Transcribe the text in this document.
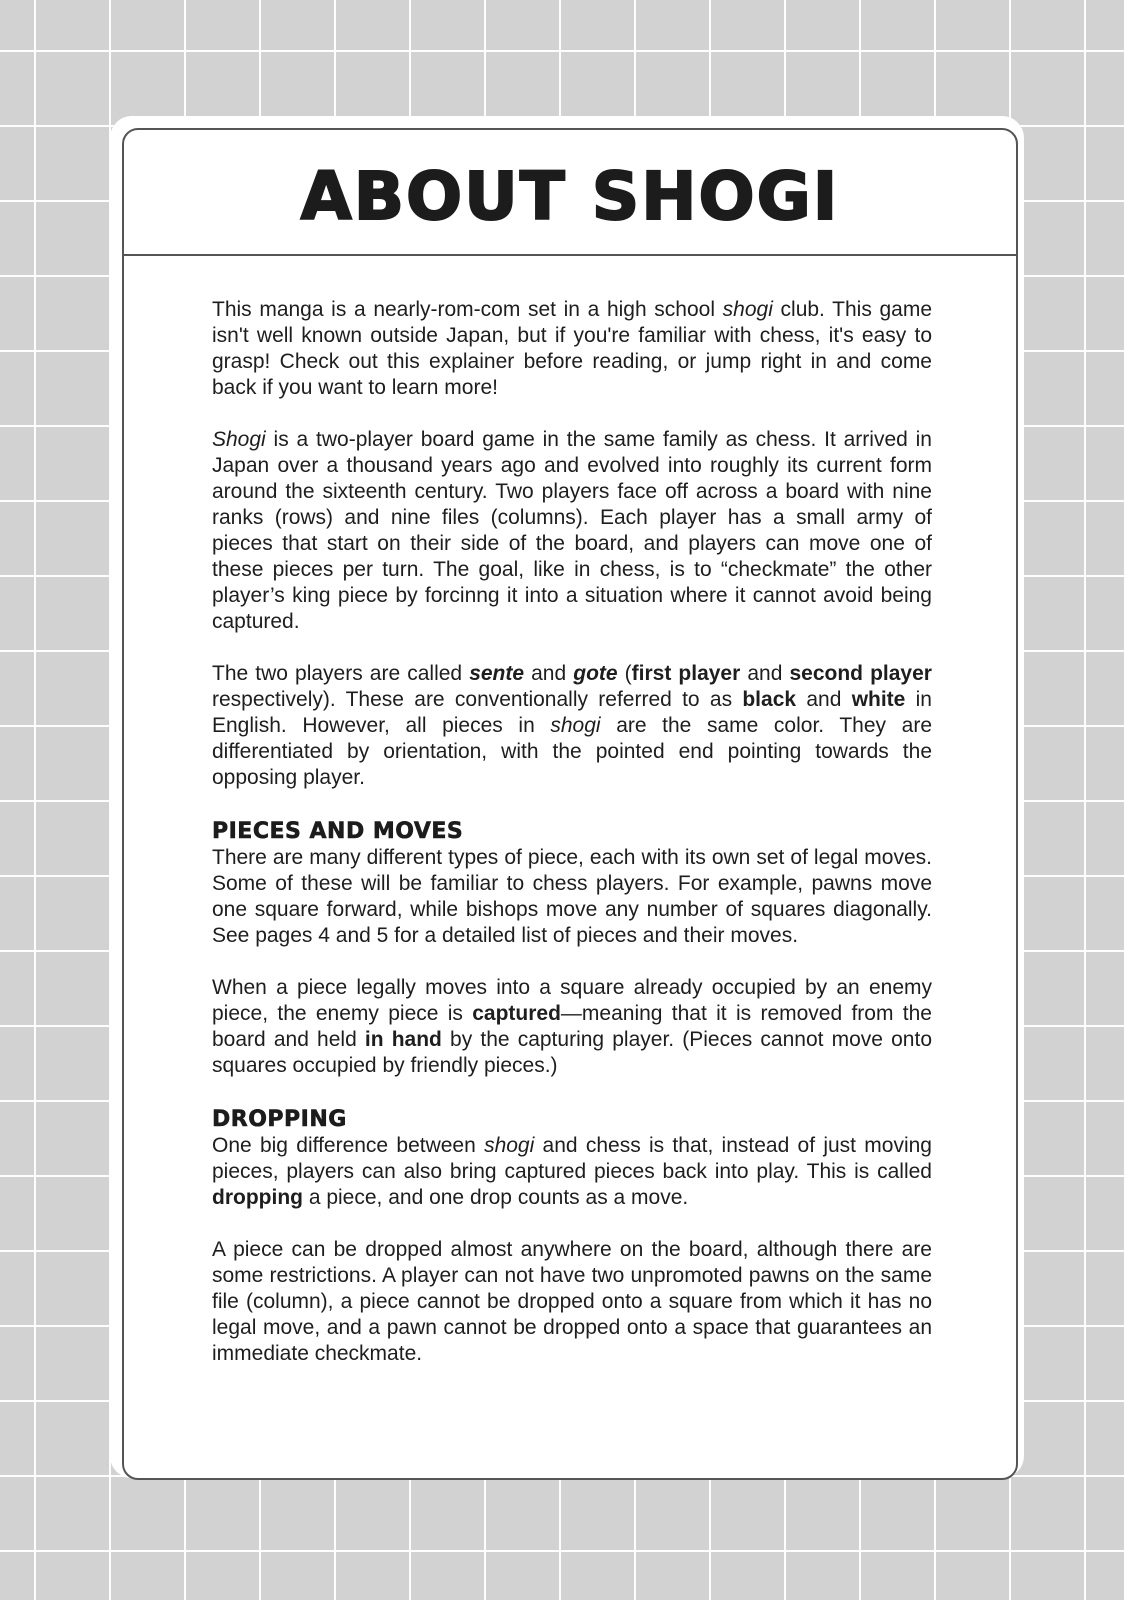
ABOUT SHOGI

This manga is a nearly-rom-com set in a high school shogi club. This game isn't well known outside Japan, but if you're familiar with chess, it's easy to grasp! Check out this explainer before reading, or jump right in and come back if you want to learn more!

Shogi is a two-player board game in the same family as chess. It arrived in Japan over a thousand years ago and evolved into roughly its current form around the sixteenth century. Two players face off across a board with nine ranks (rows) and nine files (columns). Each player has a small army of pieces that start on their side of the board, and players can move one of these pieces per turn. The goal, like in chess, is to “checkmate” the other player’s king piece by forcinng it into a situation where it cannot avoid being captured.

The two players are called sente and gote (first player and second player respectively). These are conventionally referred to as black and white in English. However, all pieces in shogi are the same color. They are differentiated by orientation, with the pointed end pointing towards the opposing player.

PIECES AND MOVES

There are many different types of piece, each with its own set of legal moves. Some of these will be familiar to chess players. For example, pawns move one square forward, while bishops move any number of squares diagonally. See pages 4 and 5 for a detailed list of pieces and their moves.

When a piece legally moves into a square already occupied by an enemy piece, the enemy piece is captured—meaning that it is removed from the board and held in hand by the capturing player. (Pieces cannot move onto squares occupied by friendly pieces.)

DROPPING

One big difference between shogi and chess is that, instead of just moving pieces, players can also bring captured pieces back into play. This is called dropping a piece, and one drop counts as a move.

A piece can be dropped almost anywhere on the board, although there are some restrictions. A player can not have two unpromoted pawns on the same file (column), a piece cannot be dropped onto a square from which it has no legal move, and a pawn cannot be dropped onto a space that guarantees an immediate checkmate.
